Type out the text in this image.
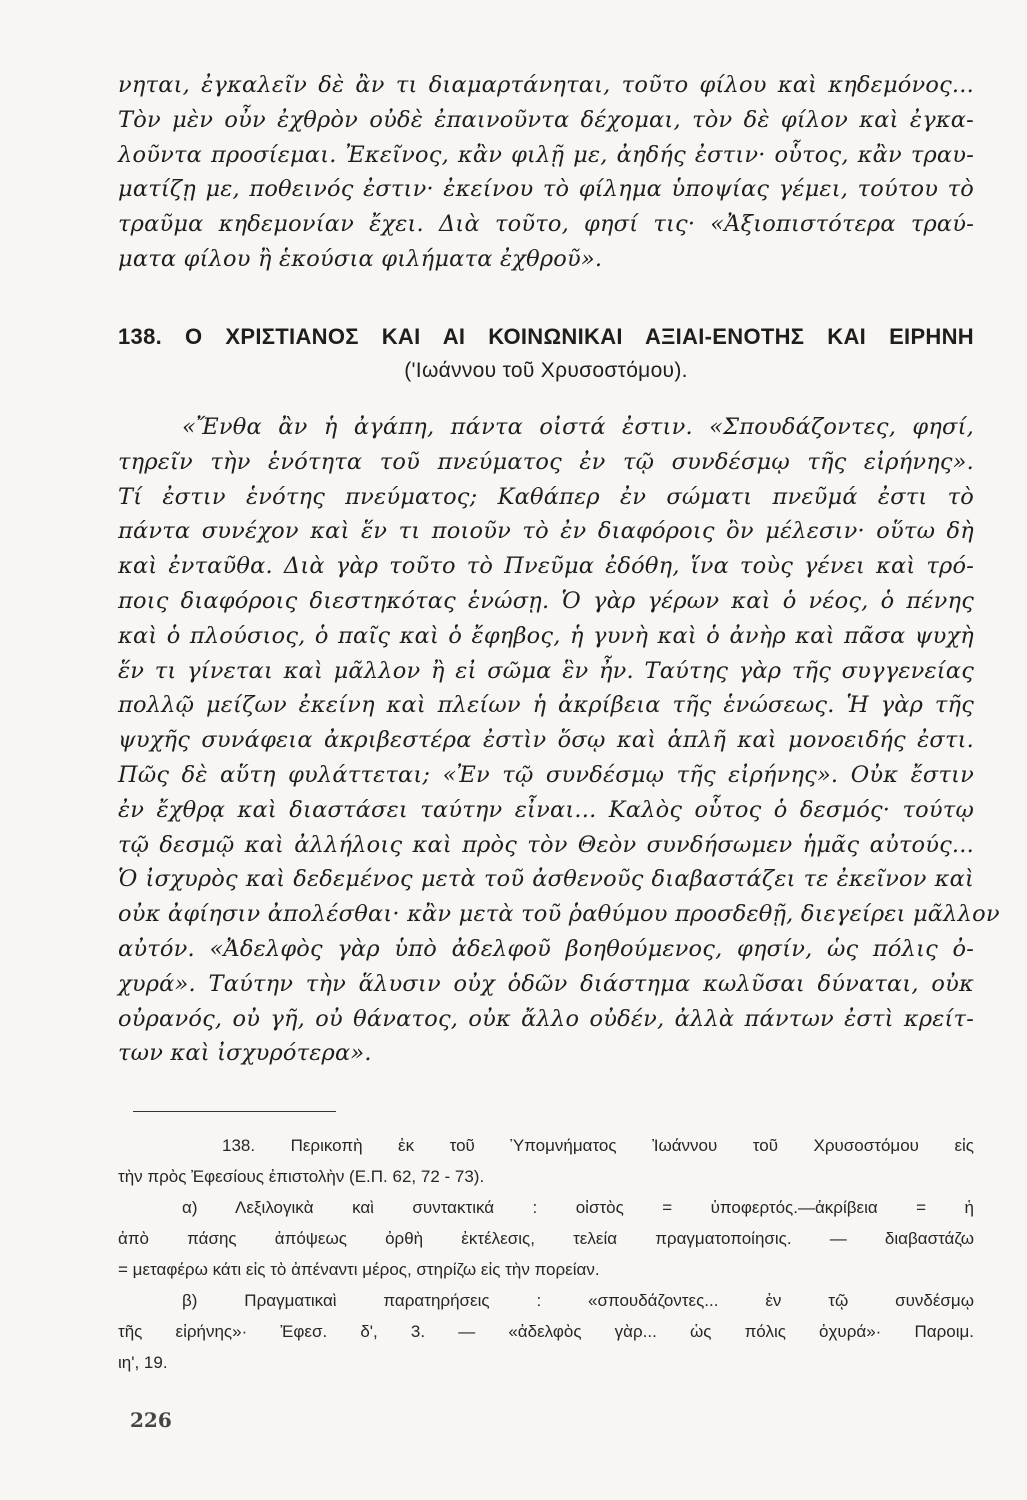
νηται, ἐγκαλεῖν δὲ ἂν τι διαμαρτάνηται, τοῦτο φίλου καὶ κηδεμόνος...
Τὸν μὲν οὖν ἐχθρὸν οὐδὲ ἐπαινοῦντα δέχομαι, τὸν δὲ φίλον καὶ ἐγκα-
λοῦντα προσίεμαι. Ἐκεῖνος, κἂν φιλῇ με, ἀηδής ἐστιν· οὗτος, κἂν τραυ-
ματίζῃ με, ποθεινός ἐστιν· ἐκείνου τὸ φίλημα ὑποψίας γέμει, τούτου τὸ
τραῦμα κηδεμονίαν ἔχει. Διὰ τοῦτο, φησί τις· «Ἀξιοπιστότερα τραύ-
ματα φίλου ἢ ἑκούσια φιλήματα ἐχθροῦ».
138. Ο ΧΡΙΣΤΙΑΝΟΣ ΚΑΙ ΑΙ ΚΟΙΝΩΝΙΚΑΙ ΑΞΙΑΙ-ΕΝΟΤΗΣ ΚΑΙ ΕΙΡΗΝΗ
('Ιωάννου τοῦ Χρυσοστόμου).
«Ἔνθα ἂν ἡ ἀγάπη, πάντα οἰστά ἐστιν. «Σπουδάζοντες, φησί,
τηρεῖν τὴν ἑνότητα τοῦ πνεύματος ἐν τῷ συνδέσμῳ τῆς εἰρήνης».
Τί ἐστιν ἑνότης πνεύματος; Καθάπερ ἐν σώματι πνεῦμά ἐστι τὸ
πάντα συνέχον καὶ ἕν τι ποιοῦν τὸ ἐν διαφόροις ὂν μέλεσιν· οὕτω δὴ
καὶ ἐνταῦθα. Διὰ γὰρ τοῦτο τὸ Πνεῦμα ἐδόθη, ἵνα τοὺς γένει καὶ τρό-
ποις διαφόροις διεστηκότας ἑνώσῃ. Ὁ γὰρ γέρων καὶ ὁ νέος, ὁ πένης
καὶ ὁ πλούσιος, ὁ παῖς καὶ ὁ ἔφηβος, ἡ γυνὴ καὶ ὁ ἀνὴρ καὶ πᾶσα ψυχὴ
ἕν τι γίνεται καὶ μᾶλλον ἢ εἰ σῶμα ἓν ἦν. Ταύτης γὰρ τῆς συγγενείας
πολλῷ μείζων ἐκείνη καὶ πλείων ἡ ἀκρίβεια τῆς ἑνώσεως. Ἡ γὰρ τῆς
ψυχῆς συνάφεια ἀκριβεστέρα ἐστὶν ὅσῳ καὶ ἁπλῆ καὶ μονοειδής ἐστι.
Πῶς δὲ αὕτη φυλάττεται; «Ἐν τῷ συνδέσμῳ τῆς εἰρήνης». Οὐκ ἔστιν
ἐν ἔχθρᾳ καὶ διαστάσει ταύτην εἶναι... Καλὸς οὗτος ὁ δεσμός· τούτῳ
τῷ δεσμῷ καὶ ἀλλήλοις καὶ πρὸς τὸν Θεὸν συνδήσωμεν ἡμᾶς αὐτούς...
Ὁ ἰσχυρὸς καὶ δεδεμένος μετὰ τοῦ ἀσθενοῦς διαβαστάζει τε ἐκεῖνον καὶ
οὐκ ἀφίησιν ἀπολέσθαι· κἂν μετὰ τοῦ ῥαθύμου προσδεθῇ, διεγείρει μᾶλλον
αὐτόν. «Ἀδελφὸς γὰρ ὑπὸ ἀδελφοῦ βοηθούμενος, φησίν, ὡς πόλις ὀ-
χυρά». Ταύτην τὴν ἅλυσιν οὐχ ὁδῶν διάστημα κωλῦσαι δύναται, οὐκ
οὐρανός, οὐ γῆ, οὐ θάνατος, οὐκ ἄλλο οὐδέν, ἀλλὰ πάντων ἐστὶ κρείτ-
των καὶ ἰσχυρότερα».
138. Περικοπὴ ἐκ τοῦ Ὑπομνήματος Ἰωάννου τοῦ Χρυσοστόμου εἰς
τὴν πρὸς Ἐφεσίους ἐπιστολὴν (Ε.Π. 62, 72 - 73).
α) Λεξιλογικὰ καὶ συντακτικά : οἰστὸς = ὑποφερτός.—ἀκρίβεια = ἡ
ἀπὸ πάσης ἀπόψεως ὀρθὴ ἐκτέλεσις, τελεία πραγματοποίησις. — διαβαστάζω
= μεταφέρω κάτι εἰς τὸ ἀπέναντι μέρος, στηρίζω εἰς τὴν πορείαν.
β) Πραγματικαὶ παρατηρήσεις : «σπουδάζοντες... ἐν τῷ συνδέσμῳ
τῆς εἰρήνης»· Ἐφεσ. δ', 3. — «ἀδελφὸς γὰρ... ὡς πόλις ὀχυρά»· Παροιμ.
ιη', 19.
226
